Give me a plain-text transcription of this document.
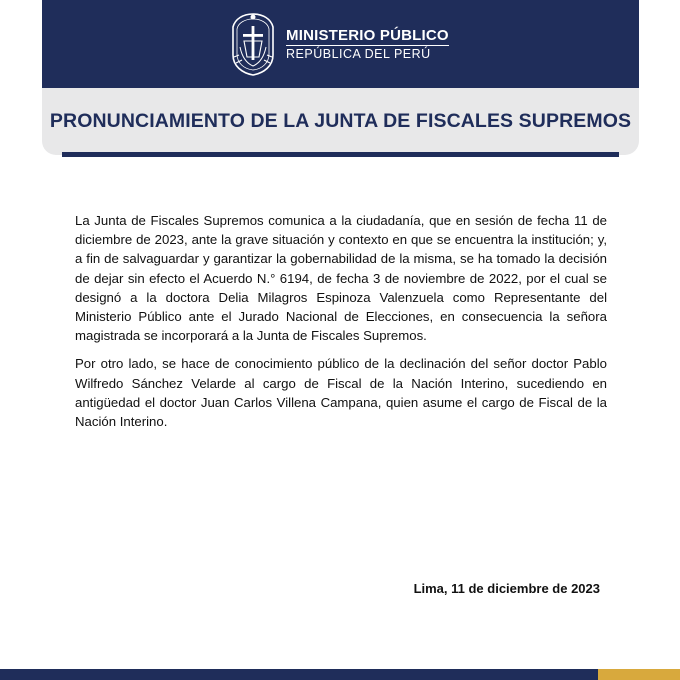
MINISTERIO PÚBLICO
REPÚBLICA DEL PERÚ
PRONUNCIAMIENTO DE LA JUNTA DE FISCALES SUPREMOS

La Junta de Fiscales Supremos comunica a la ciudadanía, que en sesión de fecha 11 de diciembre de 2023, ante la grave situación y contexto en que se encuentra la institución; y, a fin de salvaguardar y garantizar la gobernabilidad de la misma, se ha tomado la decisión de dejar sin efecto el Acuerdo N.° 6194, de fecha 3 de noviembre de 2022, por el cual se designó a la doctora Delia Milagros Espinoza Valenzuela como Representante del Ministerio Público ante el Jurado Nacional de Elecciones, en consecuencia la señora magistrada se incorporará a la Junta de Fiscales Supremos.

Por otro lado, se hace de conocimiento público de la declinación del señor doctor Pablo Wilfredo Sánchez Velarde al cargo de Fiscal de la Nación Interino, sucediendo en antigüedad el doctor Juan Carlos Villena Campana, quien asume el cargo de Fiscal de la Nación Interino.

Lima, 11 de diciembre de 2023
